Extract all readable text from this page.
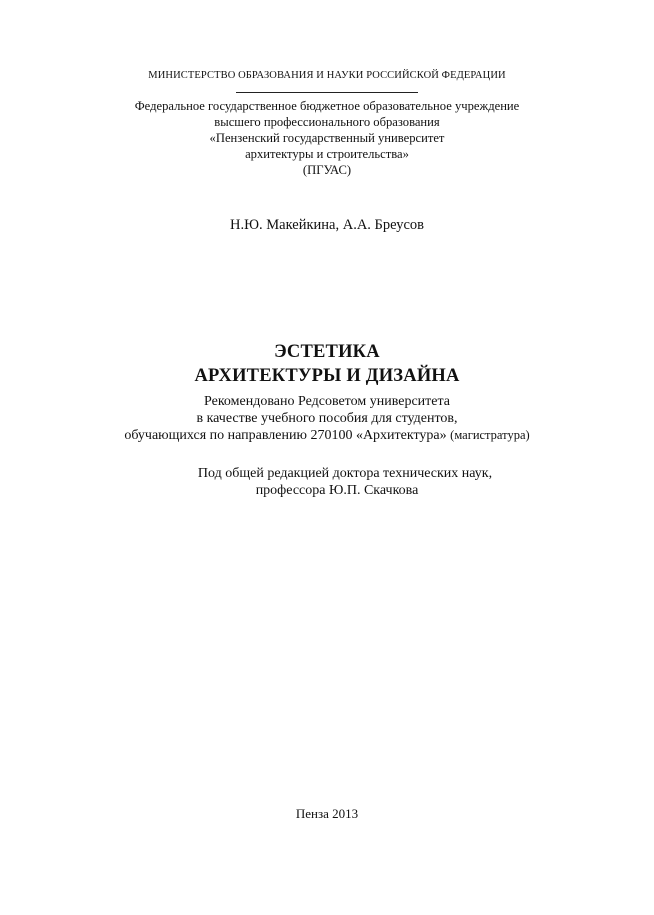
МИНИСТЕРСТВО ОБРАЗОВАНИЯ И НАУКИ РОССИЙСКОЙ ФЕДЕРАЦИИ
Федеральное государственное бюджетное образовательное учреждение
высшего профессионального образования
«Пензенский государственный университет
архитектуры и строительства»
(ПГУАС)
Н.Ю. Макейкина, А.А. Бреусов
ЭСТЕТИКА
АРХИТЕКТУРЫ И ДИЗАЙНА
Рекомендовано Редсоветом университета
в качестве учебного пособия для студентов,
обучающихся по направлению 270100 «Архитектура» (магистратура)
Под общей редакцией доктора технических наук,
профессора Ю.П. Скачкова
Пенза 2013
